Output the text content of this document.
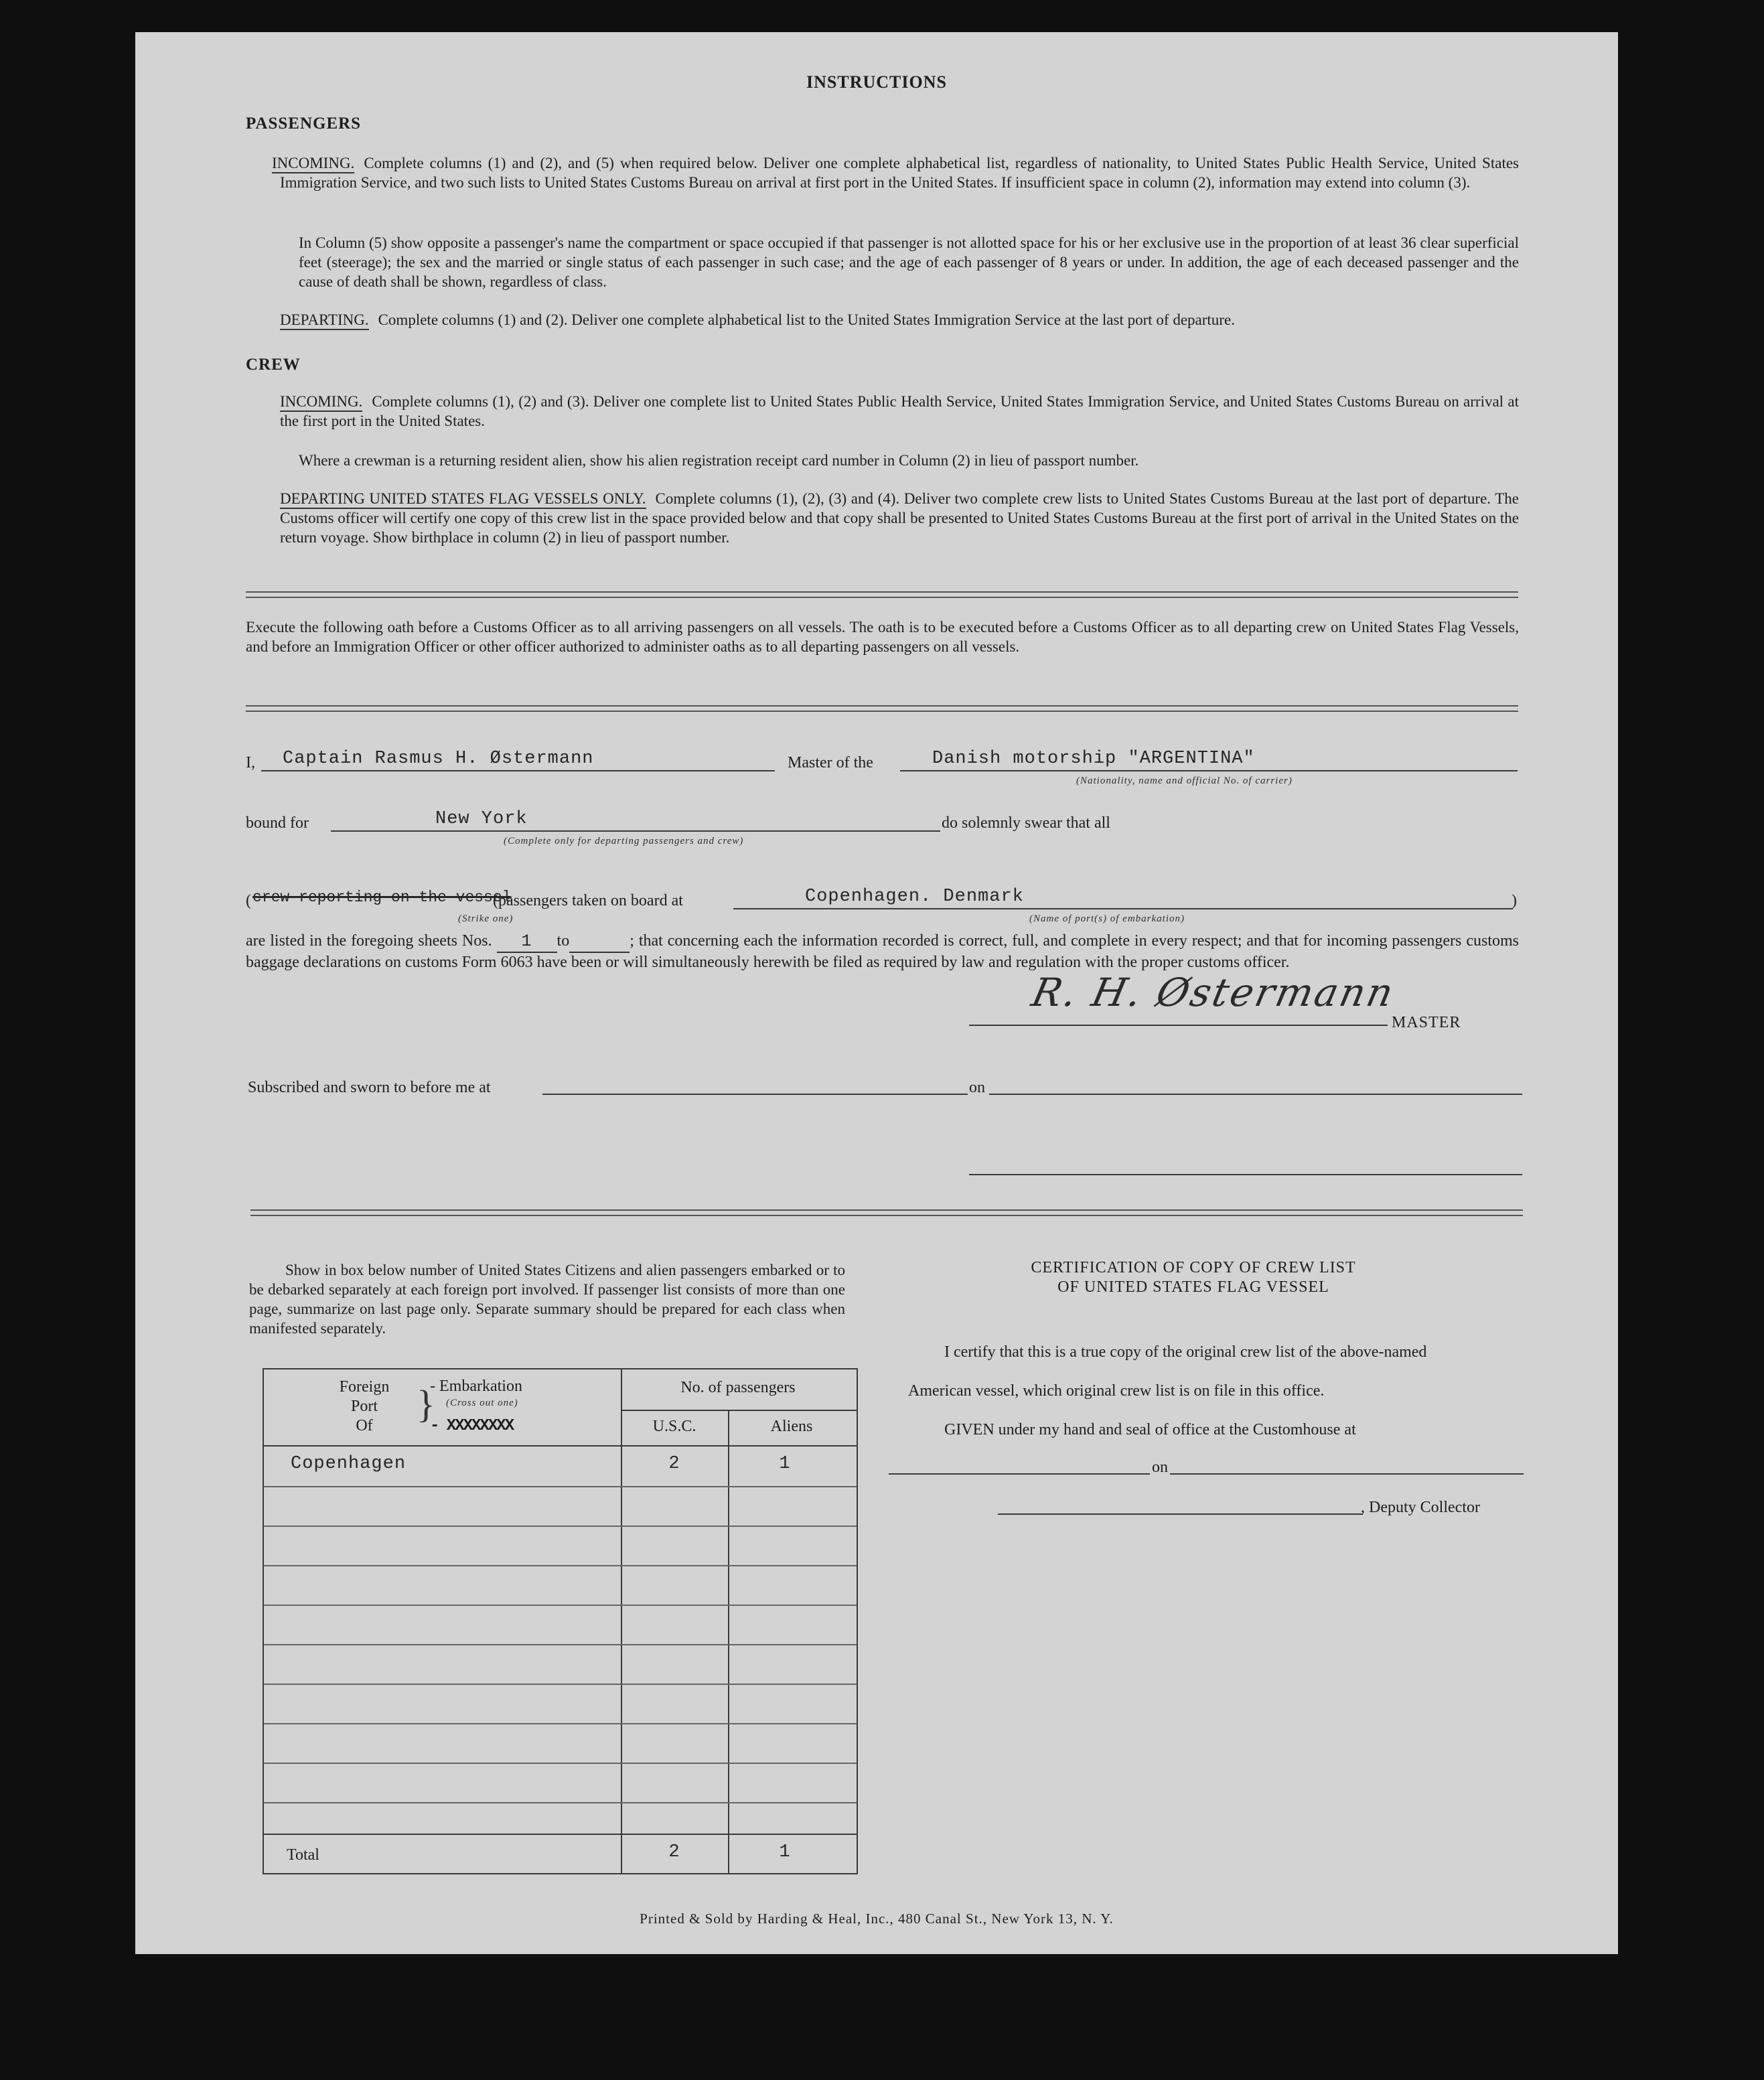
INSTRUCTIONS
PASSENGERS
INCOMING. Complete columns (1) and (2), and (5) when required below. Deliver one complete alphabetical list, regardless of nationality, to United States Public Health Service, United States Immigration Service, and two such lists to United States Customs Bureau on arrival at first port in the United States. If insufficient space in column (2), information may extend into column (3).
In Column (5) show opposite a passenger's name the compartment or space occupied if that passenger is not allotted space for his or her exclusive use in the proportion of at least 36 clear superficial feet (steerage); the sex and the married or single status of each passenger in such case; and the age of each passenger of 8 years or under. In addition, the age of each deceased passenger and the cause of death shall be shown, regardless of class.
DEPARTING. Complete columns (1) and (2). Deliver one complete alphabetical list to the United States Immigration Service at the last port of departure.
CREW
INCOMING. Complete columns (1), (2) and (3). Deliver one complete list to United States Public Health Service, United States Immigration Service, and United States Customs Bureau on arrival at the first port in the United States.
Where a crewman is a returning resident alien, show his alien registration receipt card number in Column (2) in lieu of passport number.
DEPARTING UNITED STATES FLAG VESSELS ONLY. Complete columns (1), (2), (3) and (4). Deliver two complete crew lists to United States Customs Bureau at the last port of departure. The Customs officer will certify one copy of this crew list in the space provided below and that copy shall be presented to United States Customs Bureau at the first port of arrival in the United States on the return voyage. Show birthplace in column (2) in lieu of passport number.
Execute the following oath before a Customs Officer as to all arriving passengers on all vessels. The oath is to be executed before a Customs Officer as to all departing crew on United States Flag Vessels, and before an Immigration Officer or other officer authorized to administer oaths as to all departing passengers on all vessels.
I, Captain Rasmus H. Østermann	Master of the	Danish motorship "ARGENTINA"
(Nationality, name and official No. of carrier)
bound for	New York
(Complete only for departing passengers and crew)
do solemnly swear that all
( crew reporting on the vessel
(passengers taken on board at	Copenhagen. Denmark	)
(Strike one)	(Name of port(s) of embarkation)
are listed in the foregoing sheets Nos. 1 to	; that concerning each the information recorded is correct, full, and complete in every respect; and that for incoming passengers customs baggage declarations on customs Form 6063 have been or will simultaneously herewith be filed as required by law and regulation with the proper customs officer.
R. H. Østermann
MASTER
Subscribed and sworn to before me at	on
Show in box below number of United States Citizens and alien passengers embarked or to be debarked separately at each foreign port involved. If passenger list consists of more than one page, summarize on last page only. Separate summary should be prepared for each class when manifested separately.
Foreign
Port
Of	}
- Embarkation
(Cross out one)
- XXXXXXXX
No. of passengers
U.S.C.	Aliens
Copenhagen	2	1
Total	2	1
CERTIFICATION OF COPY OF CREW LIST
OF UNITED STATES FLAG VESSEL
I certify that this is a true copy of the original crew list of the above-named
American vessel, which original crew list is on file in this office.
GIVEN under my hand and seal of office at the Customhouse at
on
, Deputy Collector
Printed & Sold by Harding & Heal, Inc., 480 Canal St., New York 13, N. Y.
